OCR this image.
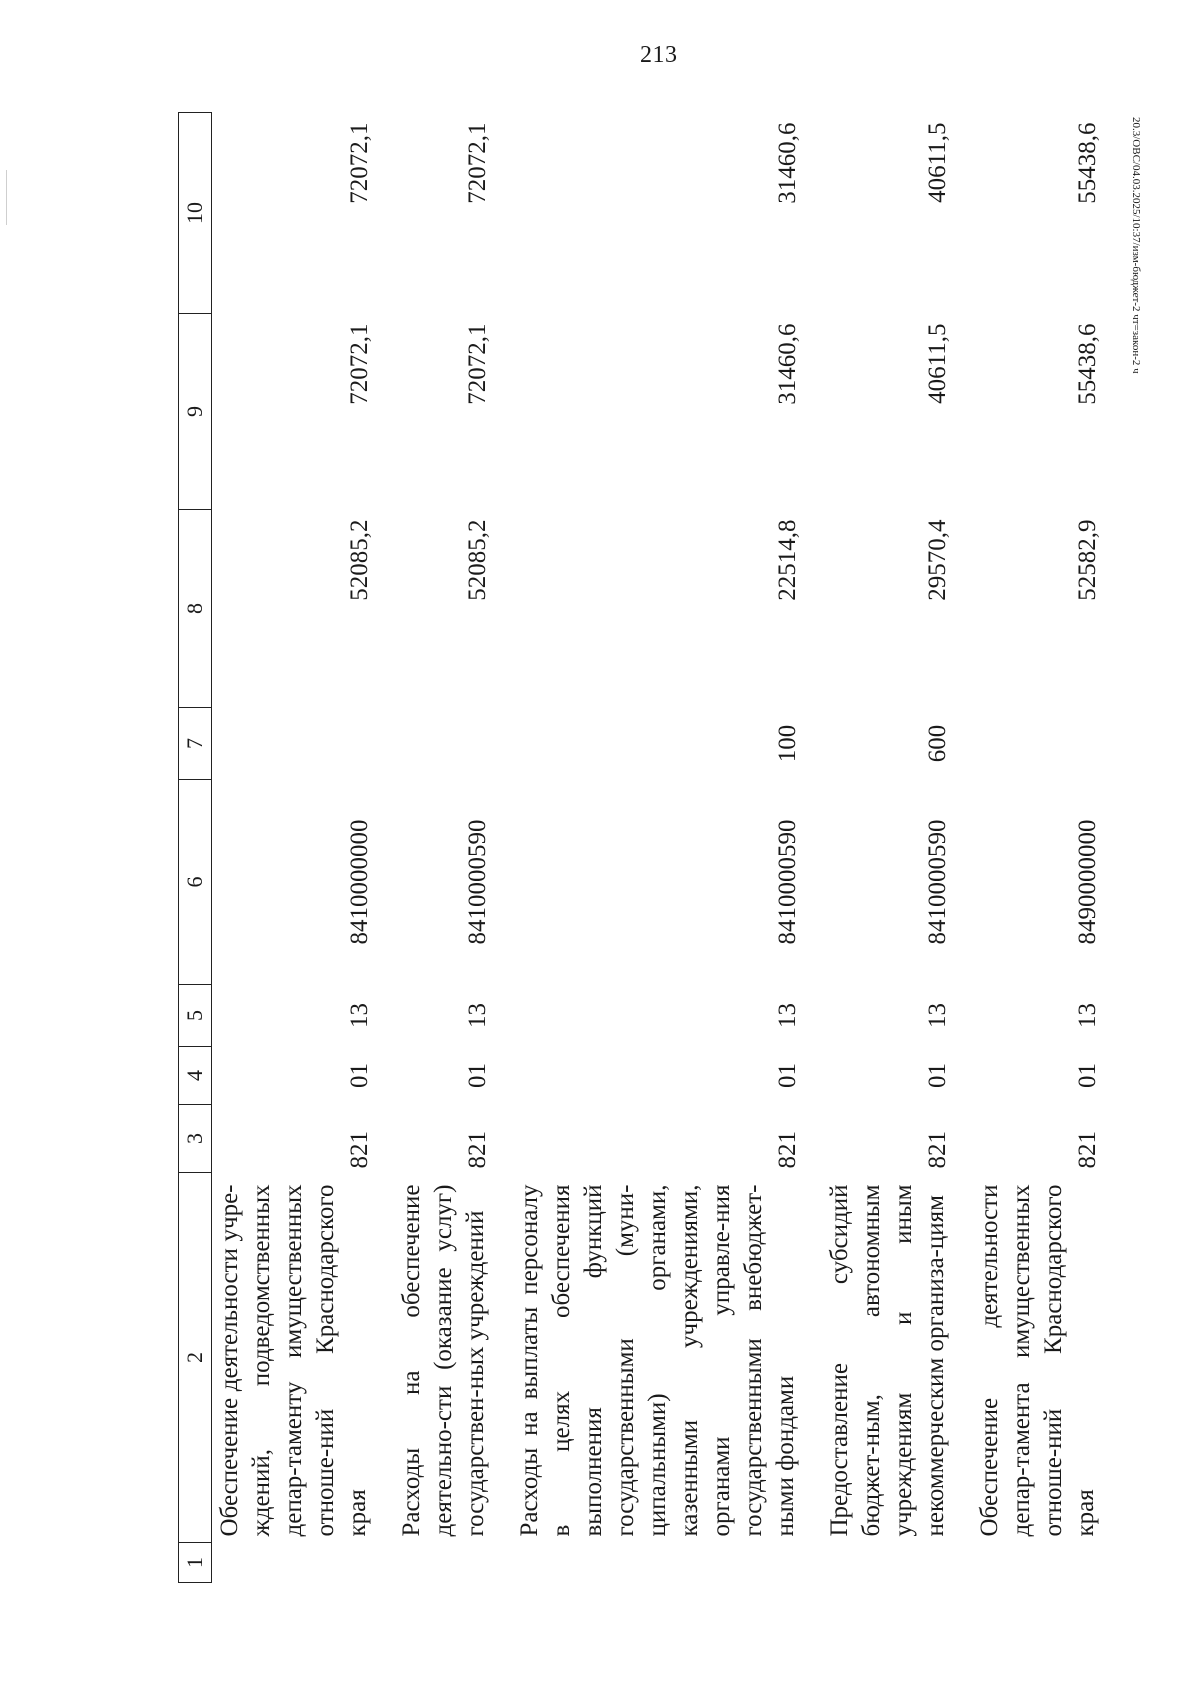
213
20.3/ОВС/04.03.2025/10:37/изм-бюджет-2 чт=закон-2 ч
1	2	3	4	5	6	7	8	9	10
	Обеспечение деятельности учре-ждений, подведомственных депар-таменту имущественных отноше-ний Краснодарского края	821	01	13	8410000000		52085,2	72072,1	72072,1
	Расходы на обеспечение деятельно-сти (оказание услуг) государствен-ных учреждений	821	01	13	8410000590		52085,2	72072,1	72072,1
	Расходы на выплаты персоналу в целях обеспечения выполнения функций государственными (муни-ципальными) органами, казенными учреждениями, органами управле-ния государственными внебюджет-ными фондами	821	01	13	8410000590	100	22514,8	31460,6	31460,6
	Предоставление субсидий бюджет-ным, автономным учреждениям и иным некоммерческим организа-циям	821	01	13	8410000590	600	29570,4	40611,5	40611,5
	Обеспечение деятельности депар-тамента имущественных отноше-ний Краснодарского края	821	01	13	8490000000		52582,9	55438,6	55438,6
